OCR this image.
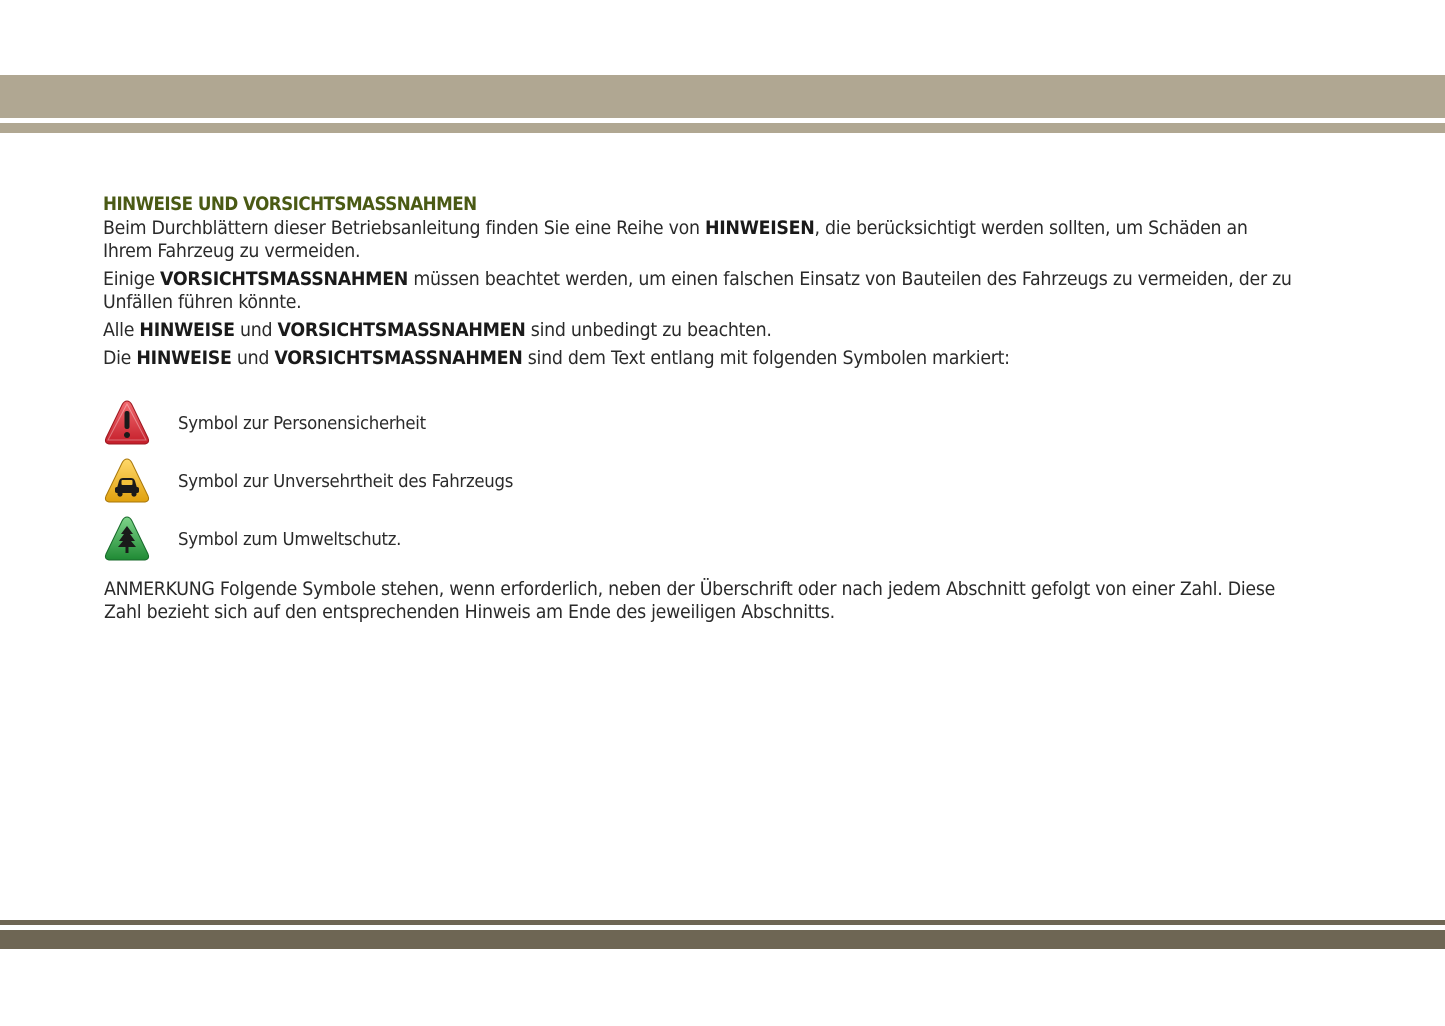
HINWEISE UND VORSICHTSMASSNAHMEN

Beim Durchblättern dieser Betriebsanleitung finden Sie eine Reihe von HINWEISEN, die berücksichtigt werden sollten, um Schäden an Ihrem Fahrzeug zu vermeiden.

Einige VORSICHTSMASSNAHMEN müssen beachtet werden, um einen falschen Einsatz von Bauteilen des Fahrzeugs zu vermeiden, der zu Unfällen führen könnte.

Alle HINWEISE und VORSICHTSMASSNAHMEN sind unbedingt zu beachten.

Die HINWEISE und VORSICHTSMASSNAHMEN sind dem Text entlang mit folgenden Symbolen markiert:

Symbol zur Personensicherheit
Symbol zur Unversehrtheit des Fahrzeugs
Symbol zum Umweltschutz.

ANMERKUNG Folgende Symbole stehen, wenn erforderlich, neben der Überschrift oder nach jedem Abschnitt gefolgt von einer Zahl. Diese Zahl bezieht sich auf den entsprechenden Hinweis am Ende des jeweiligen Abschnitts.
